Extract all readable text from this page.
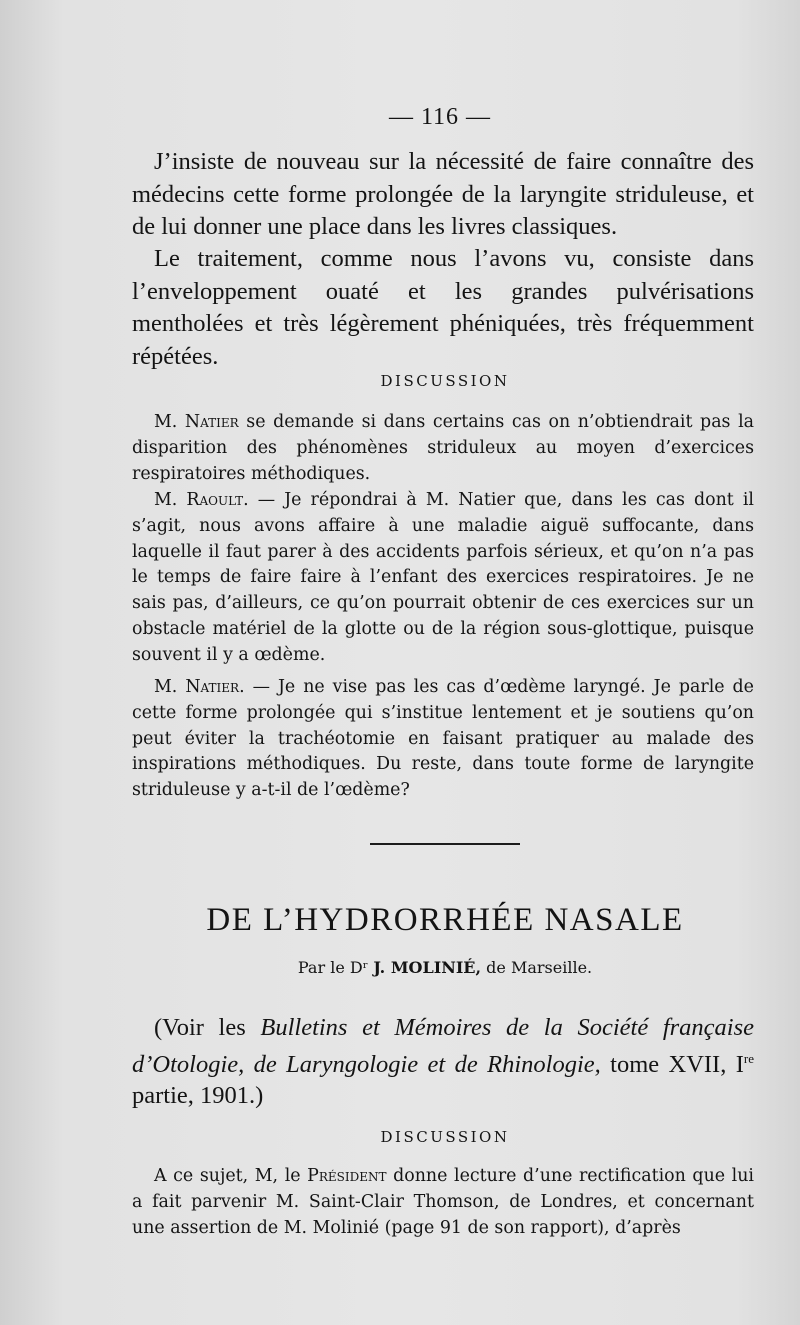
— 116 —

J’insiste de nouveau sur la nécessité de faire connaître des médecins cette forme prolongée de la laryngite striduleuse, et de lui donner une place dans les livres classiques.

Le traitement, comme nous l’avons vu, consiste dans l’enveloppement ouaté et les grandes pulvérisations mentholées et très légèrement phéniquées, très fréquemment répétées.

DISCUSSION

M. Natier se demande si dans certains cas on n’obtiendrait pas la disparition des phénomènes striduleux au moyen d’exercices respiratoires méthodiques.

M. Raoult. — Je répondrai à M. Natier que, dans les cas dont il s’agit, nous avons affaire à une maladie aiguë suffocante, dans laquelle il faut parer à des accidents parfois sérieux, et qu’on n’a pas le temps de faire faire à l’enfant des exercices respiratoires. Je ne sais pas, d’ailleurs, ce qu’on pourrait obtenir de ces exercices sur un obstacle matériel de la glotte ou de la région sous-glottique, puisque souvent il y a œdème.

M. Natier. — Je ne vise pas les cas d’œdème laryngé. Je parle de cette forme prolongée qui s’institue lentement et je soutiens qu’on peut éviter la trachéotomie en faisant pratiquer au malade des inspirations méthodiques. Du reste, dans toute forme de laryngite striduleuse y a-t-il de l’œdème?

DE L’HYDRORRHÉE NASALE
Par le Dʳ J. MOLINIÉ, de Marseille.

(Voir les Bulletins et Mémoires de la Société française d’Otologie, de Laryngologie et de Rhinologie, tome XVII, Ire partie, 1901.)

DISCUSSION

A ce sujet, M, le Président donne lecture d’une rectification que lui a fait parvenir M. Saint-Clair Thomson, de Londres, et concernant une assertion de M. Molinié (page 91 de son rapport), d’après
